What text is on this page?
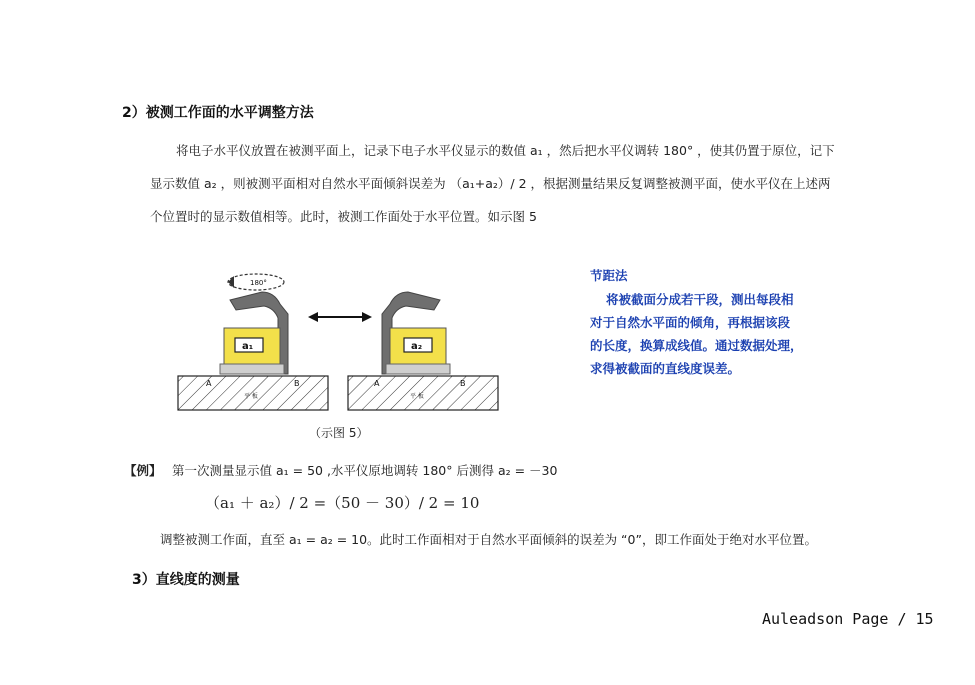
2）被测工作面的水平调整方法
将电子水平仪放置在被测平面上，记录下电子水平仪显示的数值 a₁ ，然后把水平仪调转 180° ，使其仍置于原位，记下
显示数值 a₂ ，则被测平面相对自然水平面倾斜误差为 （a₁+a₂）/ 2 ，根据测量结果反复调整被测平面，使水平仪在上述两
个位置时的显示数值相等。此时，被测工作面处于水平位置。如示图 5
180°
a₁
A	B
平 板
a₂
A	B
平 板
（示图 5）
节距法
将被截面分成若干段，测出每段相
对于自然水平面的倾角，再根据该段
的长度，换算成线值。通过数据处理，
求得被截面的直线度误差。
【例】 第一次测量显示值 a₁ = 50 ,水平仪原地调转 180° 后测得 a₂ = －30
（a₁ ＋ a₂）/ 2 =（50 － 30）/ 2 = 10
调整被测工作面，直至 a₁ = a₂ = 10。此时工作面相对于自然水平面倾斜的误差为 “0”，即工作面处于绝对水平位置。
3）直线度的测量
Auleadson Page / 15
